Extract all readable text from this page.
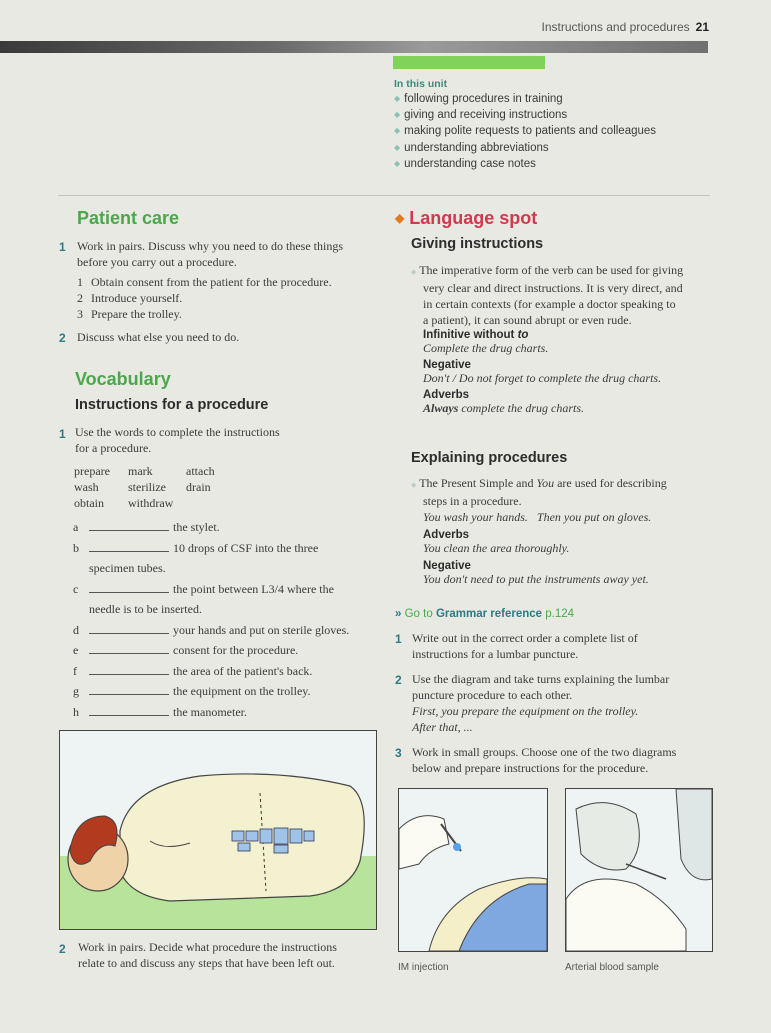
Instructions and procedures 21
In this unit
◆ following procedures in training
◆ giving and receiving instructions
◆ making polite requests to patients and colleagues
◆ understanding abbreviations
◆ understanding case notes
Patient care
1 Work in pairs. Discuss why you need to do these things
before you carry out a procedure.
1 Obtain consent from the patient for the procedure.
2 Introduce yourself.
3 Prepare the trolley.
2 Discuss what else you need to do.
Vocabulary
Instructions for a procedure
1 Use the words to complete the instructions
for a procedure.
prepare	mark	attach
wash	sterilize	drain
obtain	withdraw	
a	the stylet.
b	10 drops of CSF into the three
specimen tubes.
c	the point between L3/4 where the
needle is to be inserted.
d	your hands and put on sterile gloves.
e	consent for the procedure.
f	the area of the patient's back.
g	the equipment on the trolley.
h	the manometer.
2 Work in pairs. Decide what procedure the instructions
relate to and discuss any steps that have been left out.
◆ Language spot
Giving instructions
◆ The imperative form of the verb can be used for giving
very clear and direct instructions. It is very direct, and
in certain contexts (for example a doctor speaking to
a patient), it can sound abrupt or even rude.
Infinitive without to
Complete the drug charts.
Negative
Don't / Do not forget to complete the drug charts.
Adverbs
Always complete the drug charts.
Explaining procedures
◆ The Present Simple and You are used for describing
steps in a procedure.
You wash your hands. Then you put on gloves.
Adverbs
You clean the area thoroughly.
Negative
You don't need to put the instruments away yet.
» Go to Grammar reference p.124
1 Write out in the correct order a complete list of
instructions for a lumbar puncture.
2 Use the diagram and take turns explaining the lumbar
puncture procedure to each other.
First, you prepare the equipment on the trolley.
After that, ...
3 Work in small groups. Choose one of the two diagrams
below and prepare instructions for the procedure.
IM injection	Arterial blood sample
